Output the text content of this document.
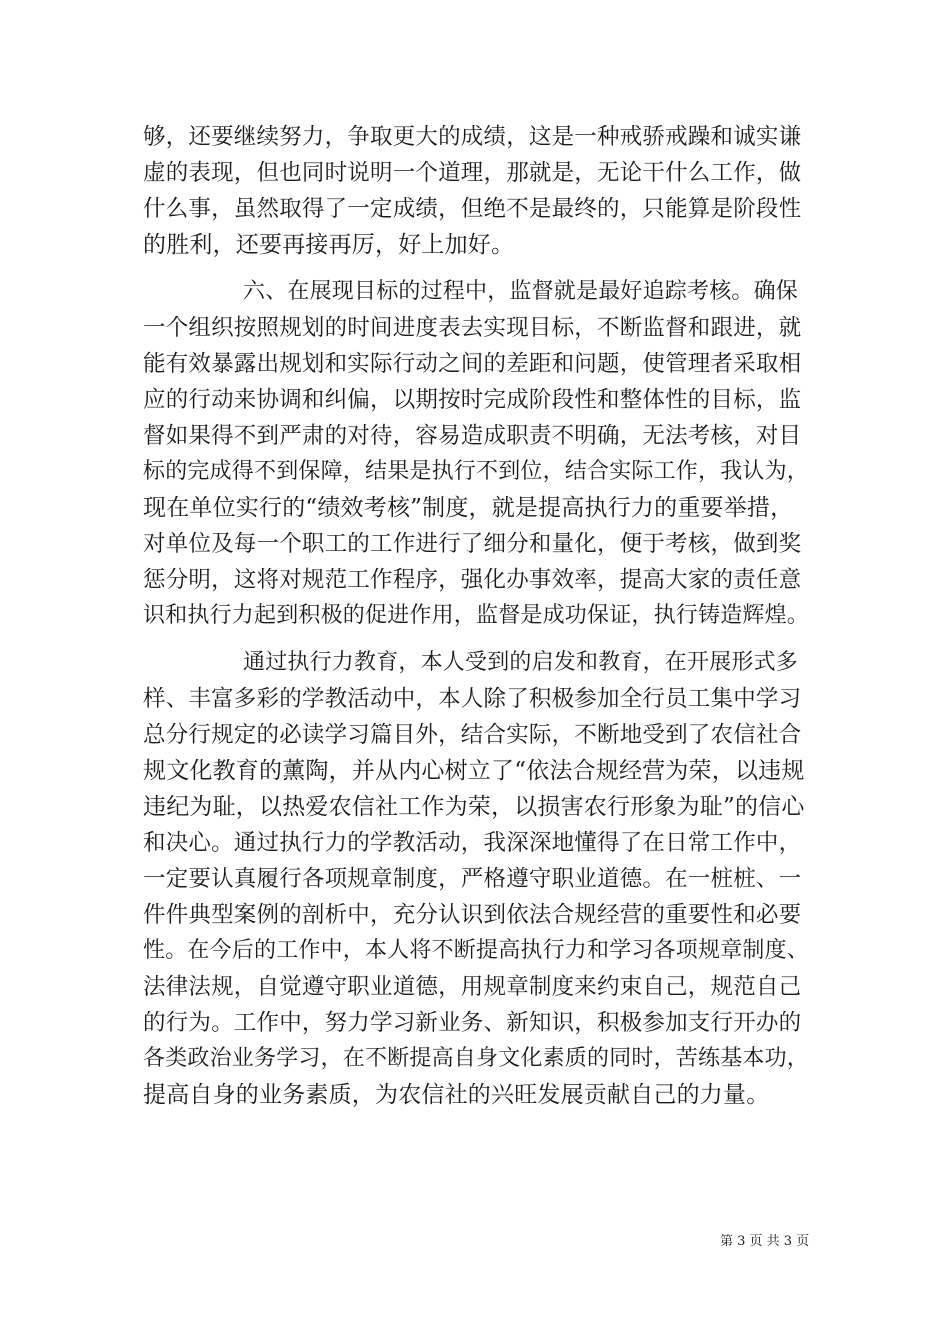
够，还要继续努力，争取更大的成绩，这是一种戒骄戒躁和诚实谦
虚的表现，但也同时说明一个道理，那就是，无论干什么工作，做
什么事，虽然取得了一定成绩，但绝不是最终的，只能算是阶段性
的胜利，还要再接再厉，好上加好。
六、在展现目标的过程中，监督就是最好追踪考核。确保
一个组织按照规划的时间进度表去实现目标，不断监督和跟进，就
能有效暴露出规划和实际行动之间的差距和问题，使管理者采取相
应的行动来协调和纠偏，以期按时完成阶段性和整体性的目标，监
督如果得不到严肃的对待，容易造成职责不明确，无法考核，对目
标的完成得不到保障，结果是执行不到位，结合实际工作，我认为，
现在单位实行的“绩效考核”制度，就是提高执行力的重要举措，
对单位及每一个职工的工作进行了细分和量化，便于考核，做到奖
惩分明，这将对规范工作程序，强化办事效率，提高大家的责任意
识和执行力起到积极的促进作用，监督是成功保证，执行铸造辉煌。
通过执行力教育，本人受到的启发和教育，在开展形式多
样、丰富多彩的学教活动中，本人除了积极参加全行员工集中学习
总分行规定的必读学习篇目外，结合实际，不断地受到了农信社合
规文化教育的薰陶，并从内心树立了“依法合规经营为荣，以违规
违纪为耻，以热爱农信社工作为荣，以损害农行形象为耻”的信心
和决心。通过执行力的学教活动，我深深地懂得了在日常工作中，
一定要认真履行各项规章制度，严格遵守职业道德。在一桩桩、一
件件典型案例的剖析中，充分认识到依法合规经营的重要性和必要
性。在今后的工作中，本人将不断提高执行力和学习各项规章制度、
法律法规，自觉遵守职业道德，用规章制度来约束自己，规范自己
的行为。工作中，努力学习新业务、新知识，积极参加支行开办的
各类政治业务学习，在不断提高自身文化素质的同时，苦练基本功，
提高自身的业务素质，为农信社的兴旺发展贡献自己的力量。
第 3 页 共 3 页
